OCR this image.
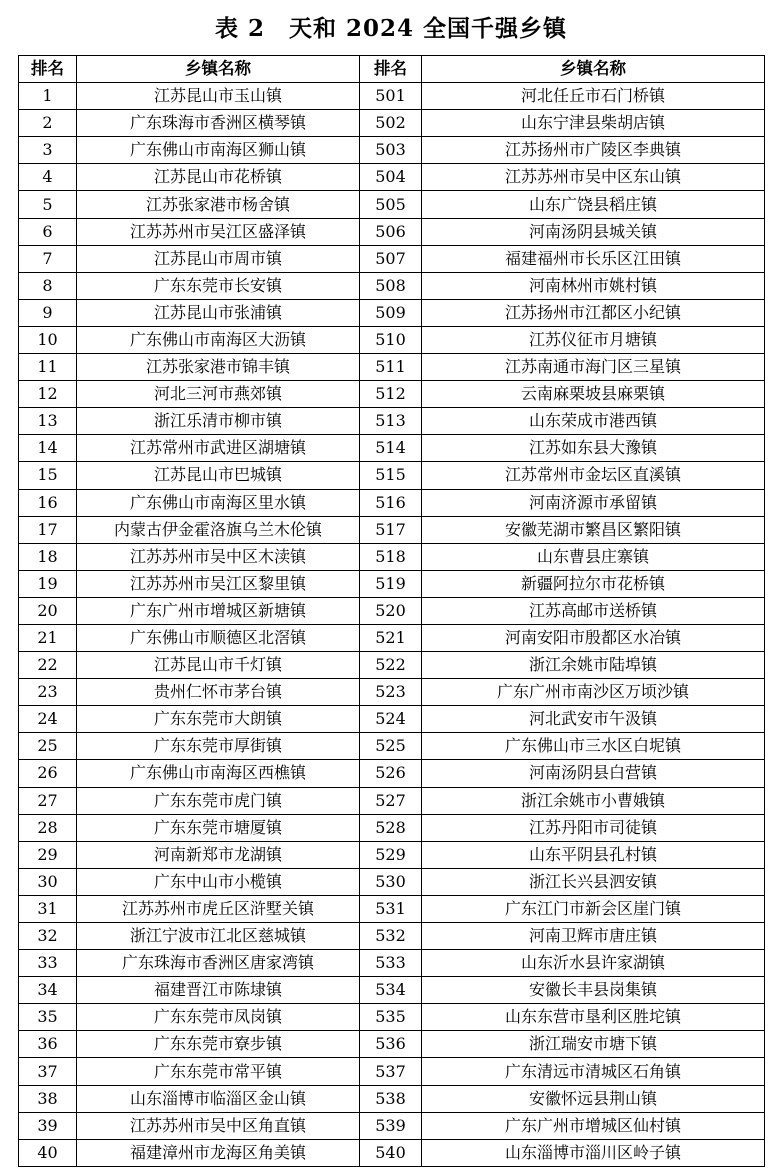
表 2　天和 2024 全国千强乡镇
排名	乡镇名称	排名	乡镇名称
1	江苏昆山市玉山镇	501	河北任丘市石门桥镇
2	广东珠海市香洲区横琴镇	502	山东宁津县柴胡店镇
3	广东佛山市南海区狮山镇	503	江苏扬州市广陵区李典镇
4	江苏昆山市花桥镇	504	江苏苏州市吴中区东山镇
5	江苏张家港市杨舍镇	505	山东广饶县稻庄镇
6	江苏苏州市吴江区盛泽镇	506	河南汤阴县城关镇
7	江苏昆山市周市镇	507	福建福州市长乐区江田镇
8	广东东莞市长安镇	508	河南林州市姚村镇
9	江苏昆山市张浦镇	509	江苏扬州市江都区小纪镇
10	广东佛山市南海区大沥镇	510	江苏仪征市月塘镇
11	江苏张家港市锦丰镇	511	江苏南通市海门区三星镇
12	河北三河市燕郊镇	512	云南麻栗坡县麻栗镇
13	浙江乐清市柳市镇	513	山东荣成市港西镇
14	江苏常州市武进区湖塘镇	514	江苏如东县大豫镇
15	江苏昆山市巴城镇	515	江苏常州市金坛区直溪镇
16	广东佛山市南海区里水镇	516	河南济源市承留镇
17	内蒙古伊金霍洛旗乌兰木伦镇	517	安徽芜湖市繁昌区繁阳镇
18	江苏苏州市吴中区木渎镇	518	山东曹县庄寨镇
19	江苏苏州市吴江区黎里镇	519	新疆阿拉尔市花桥镇
20	广东广州市增城区新塘镇	520	江苏高邮市送桥镇
21	广东佛山市顺德区北滘镇	521	河南安阳市殷都区水冶镇
22	江苏昆山市千灯镇	522	浙江余姚市陆埠镇
23	贵州仁怀市茅台镇	523	广东广州市南沙区万顷沙镇
24	广东东莞市大朗镇	524	河北武安市午汲镇
25	广东东莞市厚街镇	525	广东佛山市三水区白坭镇
26	广东佛山市南海区西樵镇	526	河南汤阴县白营镇
27	广东东莞市虎门镇	527	浙江余姚市小曹娥镇
28	广东东莞市塘厦镇	528	江苏丹阳市司徒镇
29	河南新郑市龙湖镇	529	山东平阴县孔村镇
30	广东中山市小榄镇	530	浙江长兴县泗安镇
31	江苏苏州市虎丘区浒墅关镇	531	广东江门市新会区崖门镇
32	浙江宁波市江北区慈城镇	532	河南卫辉市唐庄镇
33	广东珠海市香洲区唐家湾镇	533	山东沂水县许家湖镇
34	福建晋江市陈埭镇	534	安徽长丰县岗集镇
35	广东东莞市凤岗镇	535	山东东营市垦利区胜坨镇
36	广东东莞市寮步镇	536	浙江瑞安市塘下镇
37	广东东莞市常平镇	537	广东清远市清城区石角镇
38	山东淄博市临淄区金山镇	538	安徽怀远县荆山镇
39	江苏苏州市吴中区角直镇	539	广东广州市增城区仙村镇
40	福建漳州市龙海区角美镇	540	山东淄博市淄川区岭子镇
